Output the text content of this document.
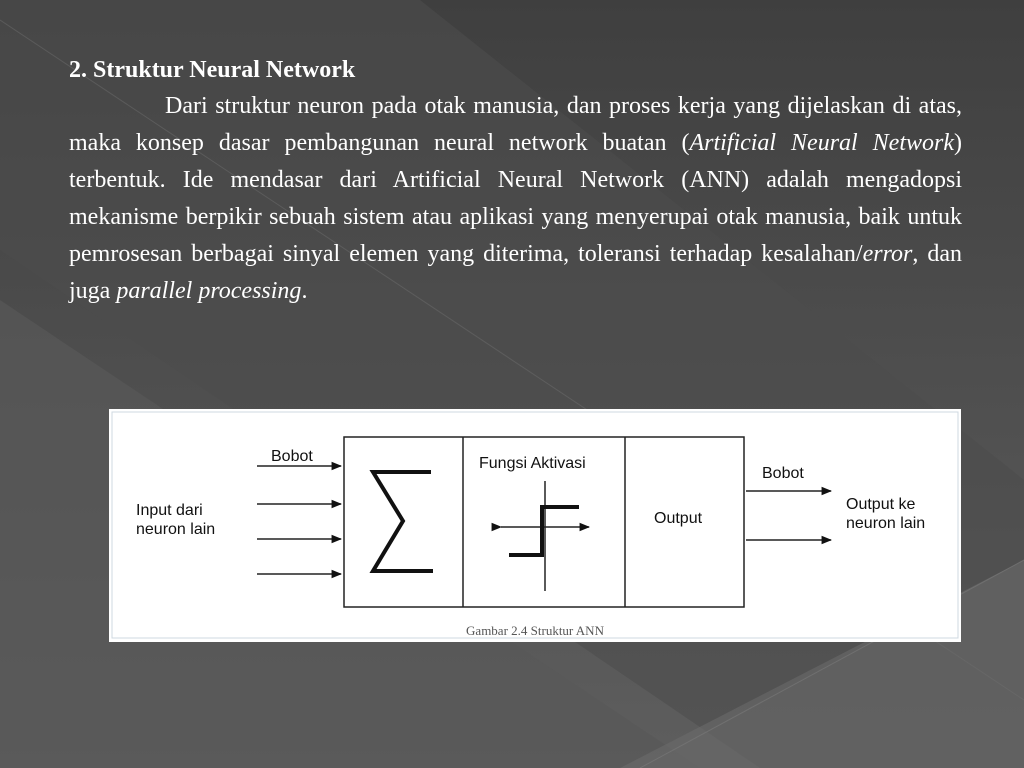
2. Struktur Neural Network

Dari struktur neuron pada otak manusia, dan proses kerja yang dijelaskan di atas, maka konsep dasar pembangunan neural network buatan (Artificial Neural Network) terbentuk. Ide mendasar dari Artificial Neural Network (ANN) adalah mengadopsi mekanisme berpikir sebuah sistem atau aplikasi yang menyerupai otak manusia, baik untuk pemrosesan berbagai sinyal elemen yang diterima, toleransi terhadap kesalahan/error, dan juga parallel processing.

Bobot
Input dari
neuron lain
Fungsi Aktivasi
Output
Bobot
Output ke
neuron lain
Gambar 2.4 Struktur ANN
